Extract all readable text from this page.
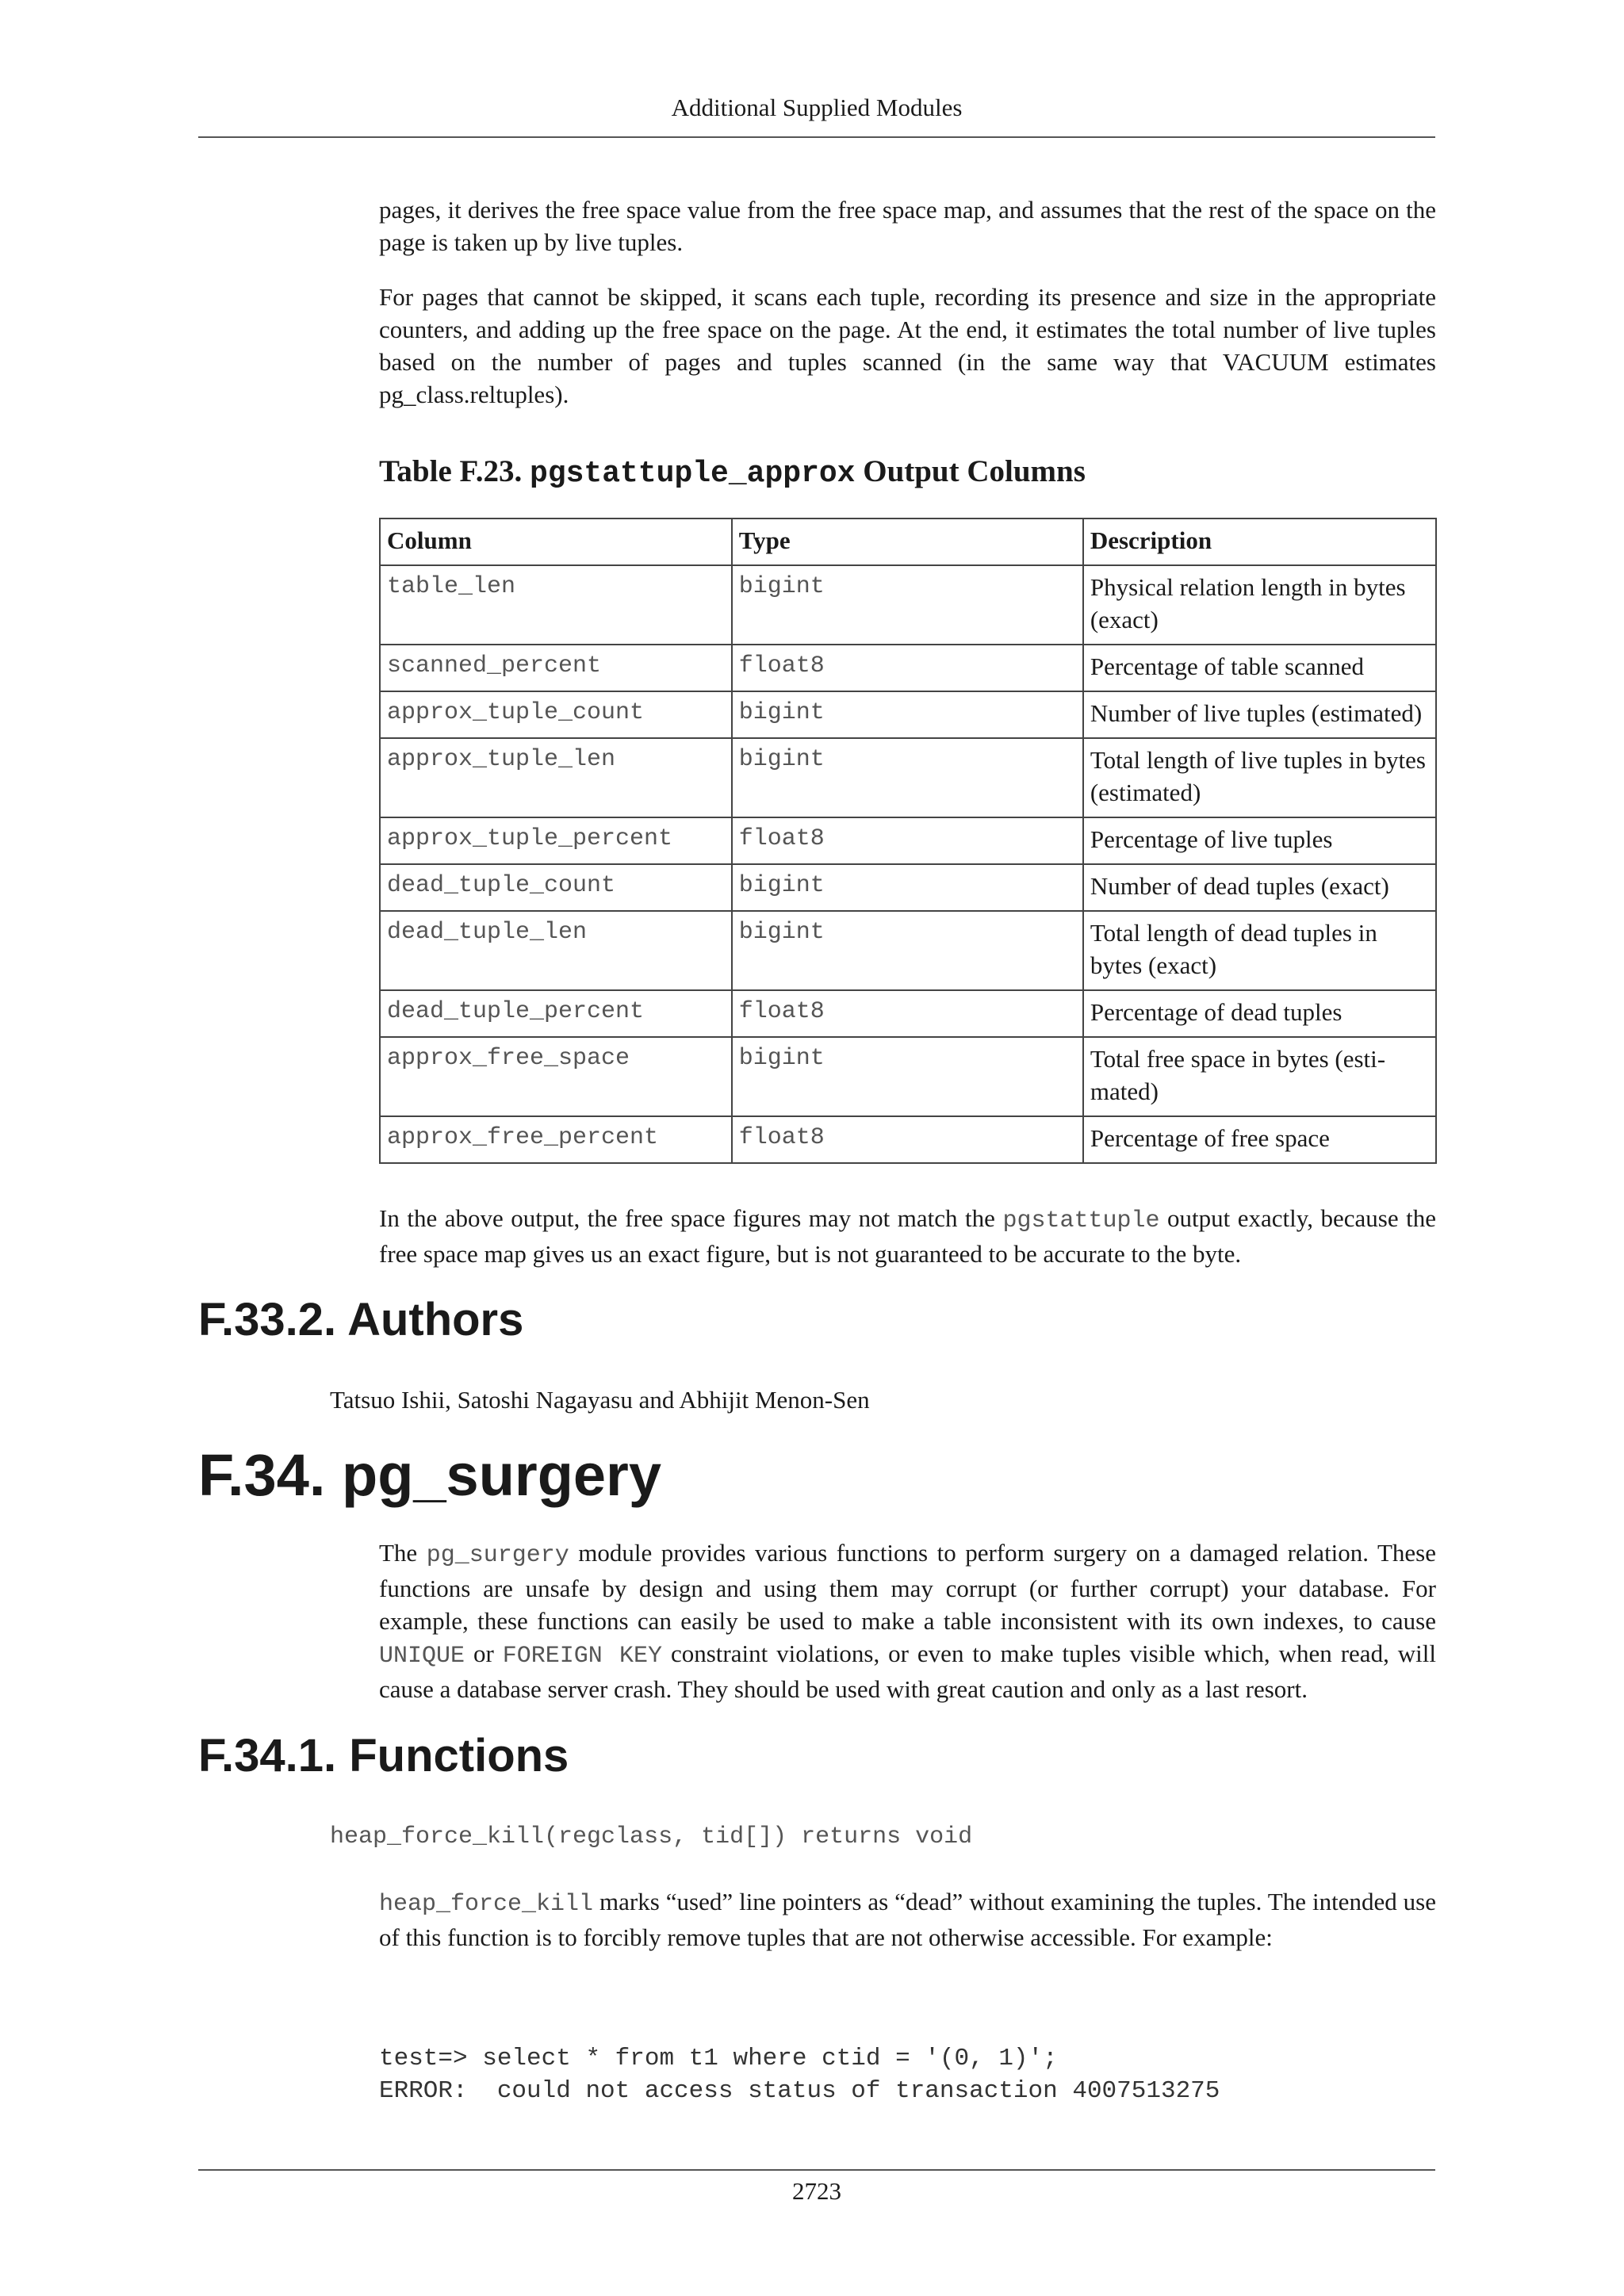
Additional Supplied Modules

pages, it derives the free space value from the free space map, and assumes that the rest of the space on the page is taken up by live tuples.

For pages that cannot be skipped, it scans each tuple, recording its presence and size in the appropriate counters, and adding up the free space on the page. At the end, it estimates the total number of live tuples based on the number of pages and tuples scanned (in the same way that VACUUM estimates pg_class.reltuples).

Table F.23. pgstattuple_approx Output Columns
Column	Type	Description
table_len	bigint	Physical relation length in bytes (exact)
scanned_percent	float8	Percentage of table scanned
approx_tuple_count	bigint	Number of live tuples (estimated)
approx_tuple_len	bigint	Total length of live tuples in bytes (estimated)
approx_tuple_percent	float8	Percentage of live tuples
dead_tuple_count	bigint	Number of dead tuples (exact)
dead_tuple_len	bigint	Total length of dead tuples in bytes (exact)
dead_tuple_percent	float8	Percentage of dead tuples
approx_free_space	bigint	Total free space in bytes (estimated)
approx_free_percent	float8	Percentage of free space

In the above output, the free space figures may not match the pgstattuple output exactly, because the free space map gives us an exact figure, but is not guaranteed to be accurate to the byte.

F.33.2. Authors

Tatsuo Ishii, Satoshi Nagayasu and Abhijit Menon-Sen

F.34. pg_surgery

The pg_surgery module provides various functions to perform surgery on a damaged relation. These functions are unsafe by design and using them may corrupt (or further corrupt) your database. For example, these functions can easily be used to make a table inconsistent with its own indexes, to cause UNIQUE or FOREIGN KEY constraint violations, or even to make tuples visible which, when read, will cause a database server crash. They should be used with great caution and only as a last resort.

F.34.1. Functions

heap_force_kill(regclass, tid[]) returns void

heap_force_kill marks “used” line pointers as “dead” without examining the tuples. The intended use of this function is to forcibly remove tuples that are not otherwise accessible. For example:

test=> select * from t1 where ctid = '(0, 1)';
ERROR:  could not access status of transaction 4007513275
2723
